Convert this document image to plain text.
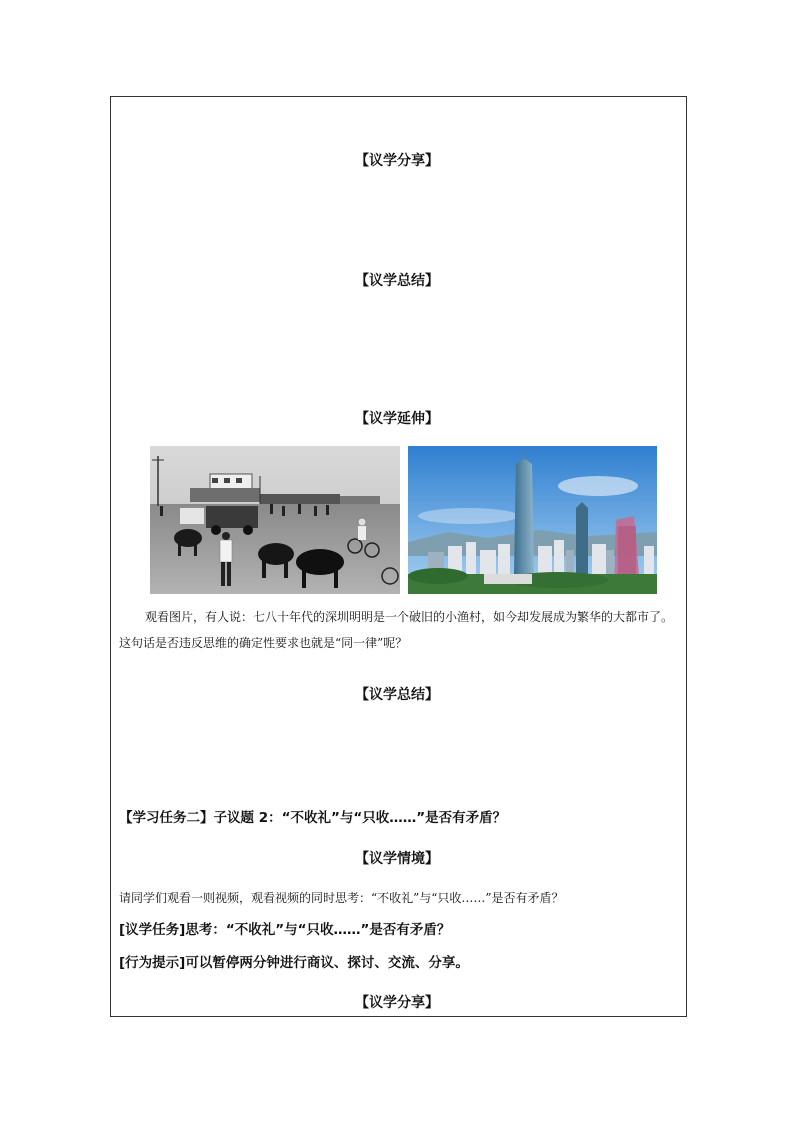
【议学分享】
【议学总结】
【议学延伸】
观看图片，有人说：七八十年代的深圳明明是一个破旧的小渔村，如今却发展成为繁华的大都市了。这句话是否违反思维的确定性要求也就是“同一律”呢？
【议学总结】
【学习任务二】子议题 2：“不收礼”与“只收……”是否有矛盾？
【议学情境】
请同学们观看一则视频，观看视频的同时思考：“不收礼”与“只收……”是否有矛盾？
[议学任务]思考：“不收礼”与“只收……”是否有矛盾？
[行为提示]可以暂停两分钟进行商议、探讨、交流、分享。
【议学分享】
